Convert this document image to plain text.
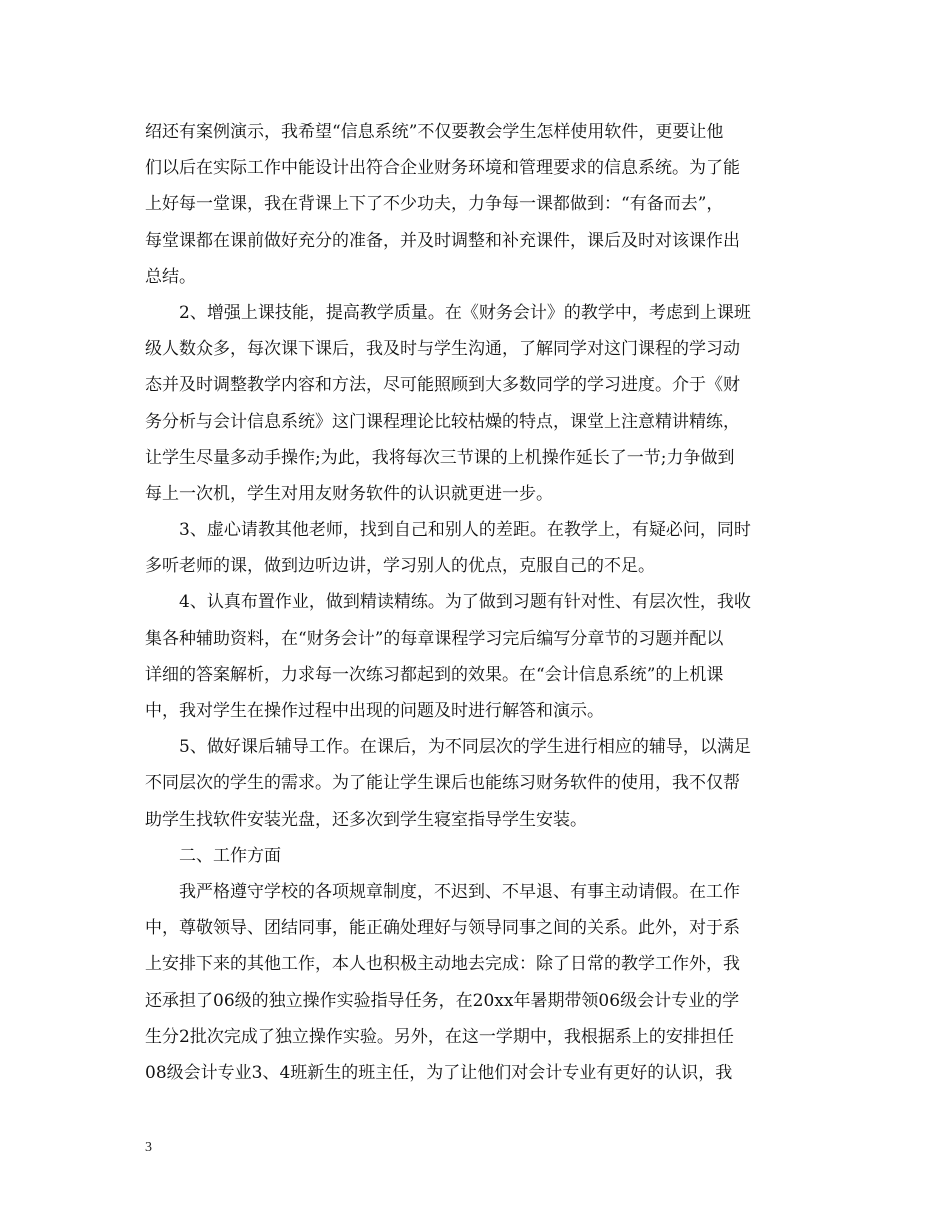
绍还有案例演示，我希望“信息系统”不仅要教会学生怎样使用软件，更要让他
们以后在实际工作中能设计出符合企业财务环境和管理要求的信息系统。为了能
上好每一堂课，我在背课上下了不少功夫，力争每一课都做到：“有备而去”，
每堂课都在课前做好充分的准备，并及时调整和补充课件，课后及时对该课作出
总结。
2、增强上课技能，提高教学质量。在《财务会计》的教学中，考虑到上课班
级人数众多，每次课下课后，我及时与学生沟通，了解同学对这门课程的学习动
态并及时调整教学内容和方法，尽可能照顾到大多数同学的学习进度。介于《财
务分析与会计信息系统》这门课程理论比较枯燥的特点，课堂上注意精讲精练，
让学生尽量多动手操作;为此，我将每次三节课的上机操作延长了一节;力争做到
每上一次机，学生对用友财务软件的认识就更进一步。
3、虚心请教其他老师，找到自己和别人的差距。在教学上，有疑必问，同时
多听老师的课，做到边听边讲，学习别人的优点，克服自己的不足。
4、认真布置作业，做到精读精练。为了做到习题有针对性、有层次性，我收
集各种辅助资料，在“财务会计”的每章课程学习完后编写分章节的习题并配以
详细的答案解析，力求每一次练习都起到的效果。在“会计信息系统”的上机课
中，我对学生在操作过程中出现的问题及时进行解答和演示。
5、做好课后辅导工作。在课后，为不同层次的学生进行相应的辅导，以满足
不同层次的学生的需求。为了能让学生课后也能练习财务软件的使用，我不仅帮
助学生找软件安装光盘，还多次到学生寝室指导学生安装。
二、工作方面
我严格遵守学校的各项规章制度，不迟到、不早退、有事主动请假。在工作
中，尊敬领导、团结同事，能正确处理好与领导同事之间的关系。此外，对于系
上安排下来的其他工作，本人也积极主动地去完成：除了日常的教学工作外，我
还承担了06级的独立操作实验指导任务，在20xx年暑期带领06级会计专业的学
生分2批次完成了独立操作实验。另外，在这一学期中，我根据系上的安排担任
08级会计专业3、4班新生的班主任，为了让他们对会计专业有更好的认识，我
3
